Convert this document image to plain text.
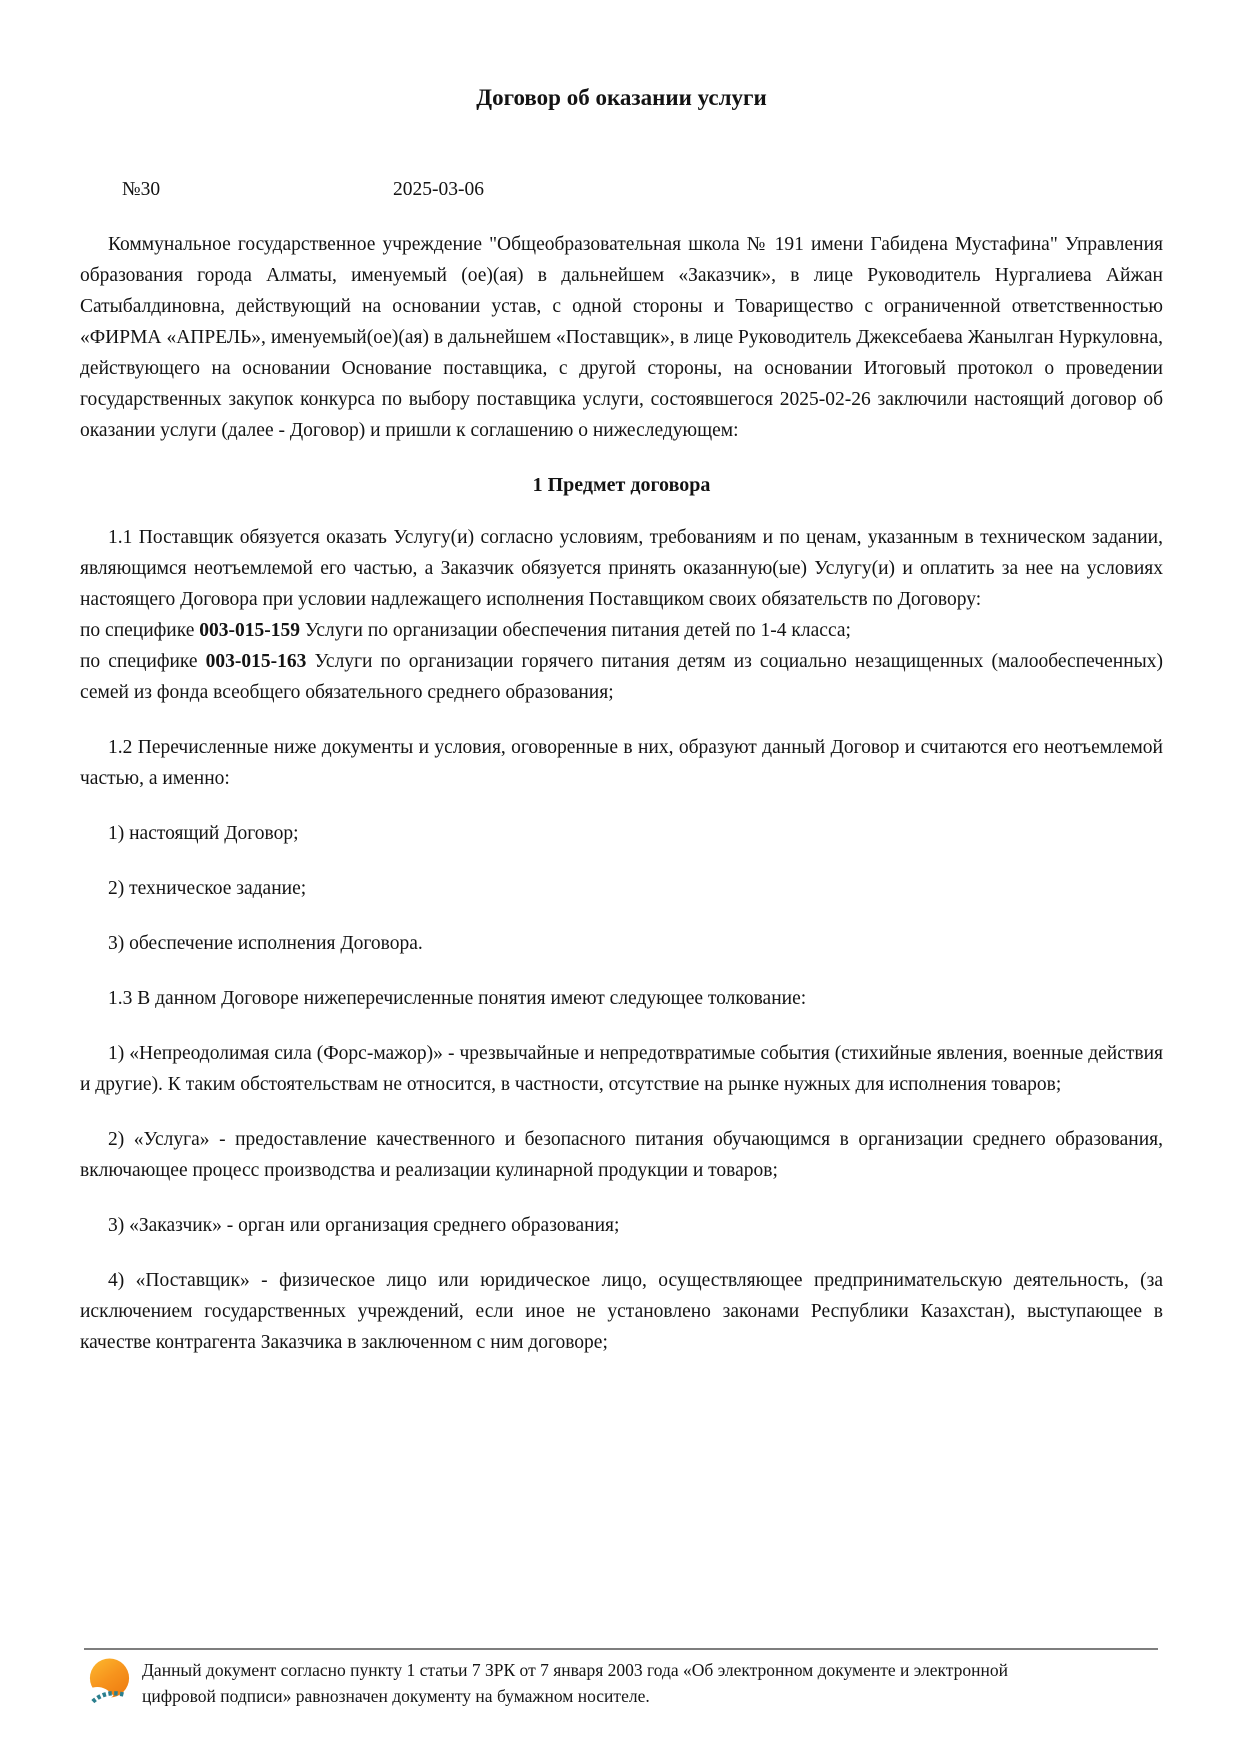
Договор об оказании услуги
№30	2025-03-06

Коммунальное государственное учреждение "Общеобразовательная школа № 191 имени Габидена Мустафина" Управления образования города Алматы, именуемый (ое)(ая) в дальнейшем «Заказчик», в лице Руководитель Нургалиева Айжан Сатыбалдиновна, действующий на основании устав, с одной стороны и Товарищество с ограниченной ответственностью «ФИРМА «АПРЕЛЬ», именуемый(ое)(ая) в дальнейшем «Поставщик», в лице Руководитель Джексебаева Жанылган Нуркуловна, действующего на основании Основание поставщика, с другой стороны, на основании Итоговый протокол о проведении государственных закупок конкурса по выбору поставщика услуги, состоявшегося 2025-02-26 заключили настоящий договор об оказании услуги (далее - Договор) и пришли к соглашению о нижеследующем:

1 Предмет договора

1.1 Поставщик обязуется оказать Услугу(и) согласно условиям, требованиям и по ценам, указанным в техническом задании, являющимся неотъемлемой его частью, а Заказчик обязуется принять оказанную(ые) Услугу(и) и оплатить за нее на условиях настоящего Договора при условии надлежащего исполнения Поставщиком своих обязательств по Договору:

по специфике 003-015-159 Услуги по организации обеспечения питания детей по 1-4 класса;

по специфике 003-015-163 Услуги по организации горячего питания детям из социально незащищенных (малообеспеченных) семей из фонда всеобщего обязательного среднего образования;

1.2 Перечисленные ниже документы и условия, оговоренные в них, образуют данный Договор и считаются его неотъемлемой частью, а именно:

1) настоящий Договор;

2) техническое задание;

3) обеспечение исполнения Договора.

1.3 В данном Договоре нижеперечисленные понятия имеют следующее толкование:

1) «Непреодолимая сила (Форс-мажор)» - чрезвычайные и непредотвратимые события (стихийные явления, военные действия и другие). К таким обстоятельствам не относится, в частности, отсутствие на рынке нужных для исполнения товаров;

2) «Услуга» - предоставление качественного и безопасного питания обучающимся в организации среднего образования, включающее процесс производства и реализации кулинарной продукции и товаров;

3) «Заказчик» - орган или организация среднего образования;

4) «Поставщик» - физическое лицо или юридическое лицо, осуществляющее предпринимательскую деятельность, (за исключением государственных учреждений, если иное не установлено законами Республики Казахстан), выступающее в качестве контрагента Заказчика в заключенном с ним договоре;

Данный документ согласно пункту 1 статьи 7 ЗРК от 7 января 2003 года «Об электронном документе и электронной цифровой подписи» равнозначен документу на бумажном носителе.
